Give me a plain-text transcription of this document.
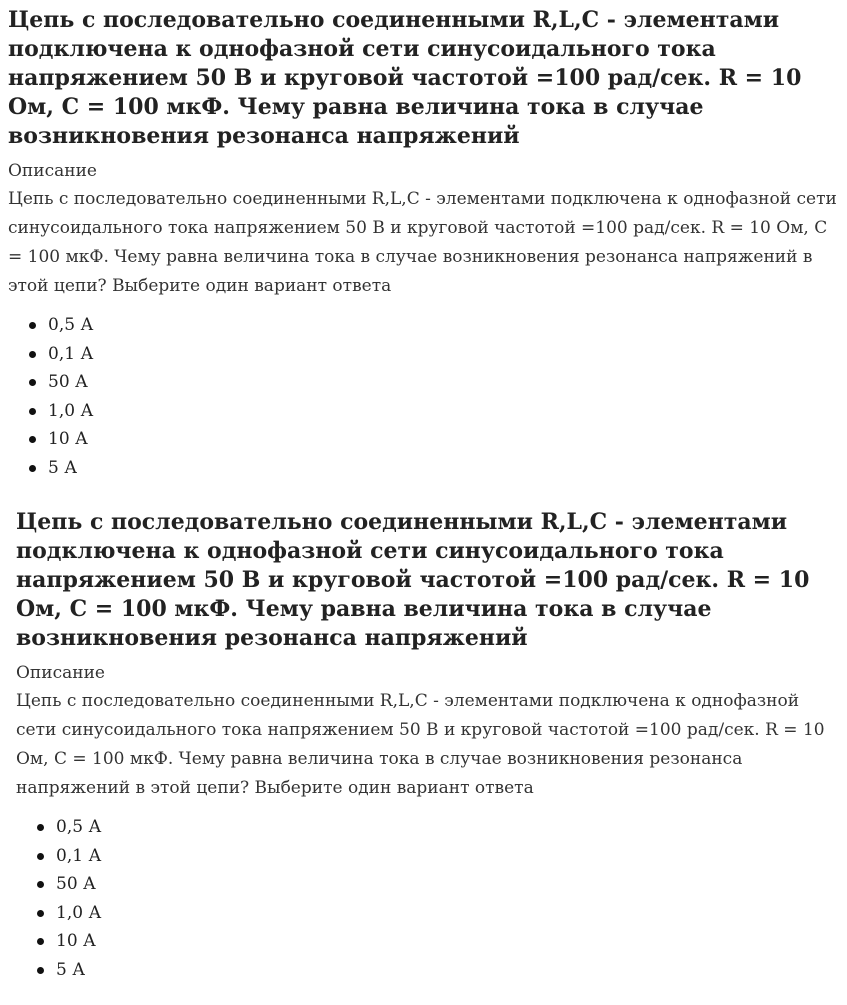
Цепь с последовательно соединенными R,L,C - элементами подключена к однофазной сети синусоидального тока напряжением 50 В и круговой частотой =100 рад/сек. R = 10 Ом, C = 100 мкФ. Чему равна величина тока в случае возникновения резонанса напряжений
Описание
Цепь с последовательно соединенными R,L,C - элементами подключена к однофазной сети синусоидального тока напряжением 50 В и круговой частотой =100 рад/сек. R = 10 Ом, C = 100 мкФ. Чему равна величина тока в случае возникновения резонанса напряжений в этой цепи? Выберите один вариант ответа
0,5 А
0,1 А
50 А
1,0 А
10 А
5 А
Цепь с последовательно соединенными R,L,C - элементами подключена к однофазной сети синусоидального тока напряжением 50 В и круговой частотой =100 рад/сек. R = 10 Ом, C = 100 мкФ. Чему равна величина тока в случае возникновения резонанса напряжений
Описание
Цепь с последовательно соединенными R,L,C - элементами подключена к однофазной сети синусоидального тока напряжением 50 В и круговой частотой =100 рад/сек. R = 10 Ом, C = 100 мкФ. Чему равна величина тока в случае возникновения резонанса напряжений в этой цепи? Выберите один вариант ответа
0,5 А
0,1 А
50 А
1,0 А
10 А
5 А
